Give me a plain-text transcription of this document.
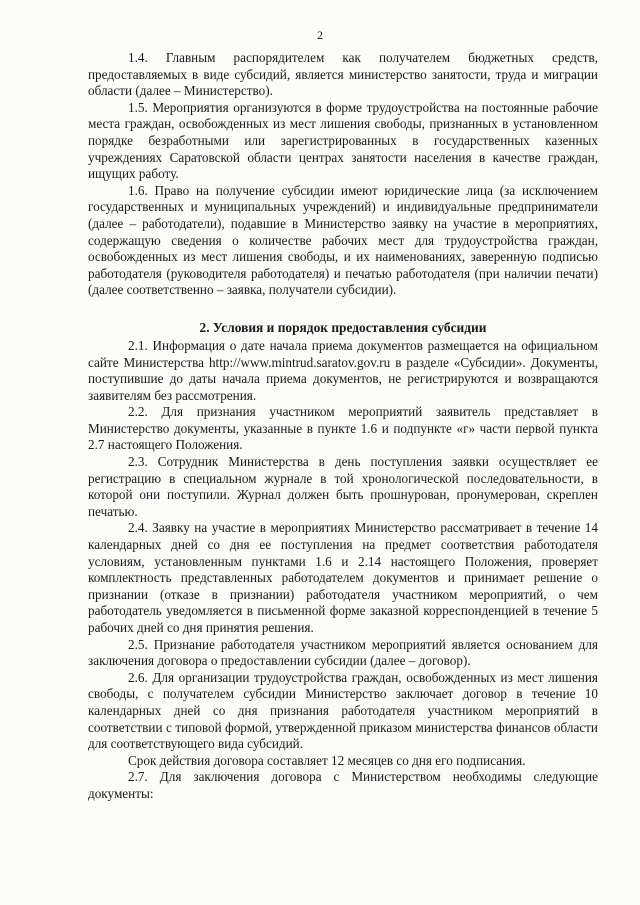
2

1.4. Главным распорядителем как получателем бюджетных средств, предоставляемых в виде субсидий, является министерство занятости, труда и миграции области (далее – Министерство).

1.5. Мероприятия организуются в форме трудоустройства на постоянные рабочие места граждан, освобожденных из мест лишения свободы, признанных в установленном порядке безработными или зарегистрированных в государственных казенных учреждениях Саратовской области центрах занятости населения в качестве граждан, ищущих работу.

1.6. Право на получение субсидии имеют юридические лица (за исключением государственных и муниципальных учреждений) и индивидуальные предприниматели (далее – работодатели), подавшие в Министерство заявку на участие в мероприятиях, содержащую сведения о количестве рабочих мест для трудоустройства граждан, освобожденных из мест лишения свободы, и их наименованиях, заверенную подписью работодателя (руководителя работодателя) и печатью работодателя (при наличии печати) (далее соответственно – заявка, получатели субсидии).

2. Условия и порядок предоставления субсидии

2.1. Информация о дате начала приема документов размещается на официальном сайте Министерства http://www.mintrud.saratov.gov.ru в разделе «Субсидии». Документы, поступившие до даты начала приема документов, не регистрируются и возвращаются заявителям без рассмотрения.

2.2. Для признания участником мероприятий заявитель представляет в Министерство документы, указанные в пункте 1.6 и подпункте «г» части первой пункта 2.7 настоящего Положения.

2.3. Сотрудник Министерства в день поступления заявки осуществляет ее регистрацию в специальном журнале в той хронологической последовательности, в которой они поступили. Журнал должен быть прошнурован, пронумерован, скреплен печатью.

2.4. Заявку на участие в мероприятиях Министерство рассматривает в течение 14 календарных дней со дня ее поступления на предмет соответствия работодателя условиям, установленным пунктами 1.6 и 2.14 настоящего Положения, проверяет комплектность представленных работодателем документов и принимает решение о признании (отказе в признании) работодателя участником мероприятий, о чем работодатель уведомляется в письменной форме заказной корреспонденцией в течение 5 рабочих дней со дня принятия решения.

2.5. Признание работодателя участником мероприятий является основанием для заключения договора о предоставлении субсидии (далее – договор).

2.6. Для организации трудоустройства граждан, освобожденных из мест лишения свободы, с получателем субсидии Министерство заключает договор в течение 10 календарных дней со дня признания работодателя участником мероприятий в соответствии с типовой формой, утвержденной приказом министерства финансов области для соответствующего вида субсидий.

Срок действия договора составляет 12 месяцев со дня его подписания.

2.7. Для заключения договора с Министерством необходимы следующие документы:
